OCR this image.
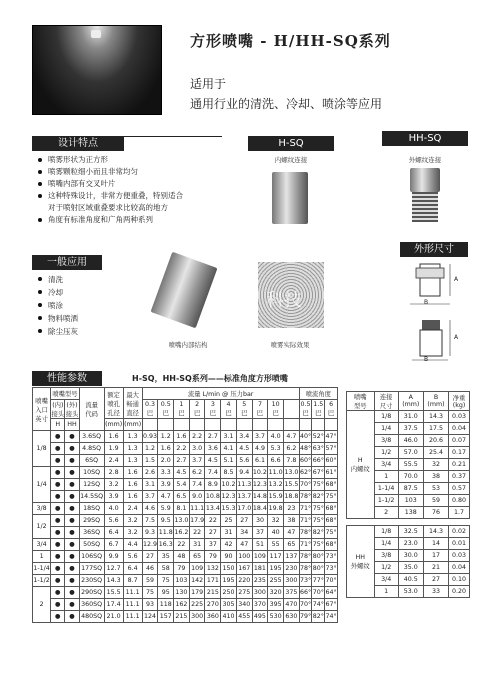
方形喷嘴 - H/HH-SQ系列
适用于
通用行业的清洗、冷却、喷涂等应用
设计特点
喷雾形状为正方形
喷雾颗粒细小而且非常均匀
喷嘴内部有交叉叶片
这种特殊设计，非常方便重叠，特别适合
对于喷射区域重叠要求比较高的地方
角度有标准角度和广角两种系列
H-SQ
内螺纹连接
HH-SQ
外螺纹连接
外形尺寸
A
B
A
B
一般应用
清洗
冷却
喷涂
物料喷洒
除尘压灰
喷嘴内部结构
科技
喷雾实际效果
性能参数	H-SQ，HH-SQ系列——标准角度方形喷嘴
喷嘴
入口
英寸	喷嘴型号		流量
代码	额定
喷孔
孔径	最大
畅通
直径	流量 L/min @ 压力bar										喷流角度		
	(内)
接头	(外)
接头																
						0.3
巴	0.5
巴	1
巴	2
巴	3
巴	4
巴	5
巴	7
巴	10
巴		0.5
巴	1.5
巴	6
巴
	H	HH		(mm)	(mm)													
1/8	●	●	3.6SQ	1.6	1.3	0.93	1.2	1.6	2.2	2.7	3.1	3.4	3.7	4.0	4.7	40°	52°	47°
	●	●	4.8SQ	1.9	1.3	1.2	1.6	2.2	3.0	3.6	4.1	4.5	4.9	5.3	6.2	48°	63°	57°
	●	●	6SQ	2.4	1.3	1.5	2.0	2.7	3.7	4.5	5.1	5.6	6.1	6.6	7.8	60°	66°	60°
1/4	●	●	10SQ	2.8	1.6	2.6	3.3	4.5	6.2	7.4	8.5	9.4	10.2	11.0	13.0	62°	67°	61°
	●	●	12SQ	3.2	1.6	3.1	3.9	5.4	7.4	8.9	10.2	11.3	12.3	13.2	15.5	70°	75°	68°
	●	●	14.5SQ	3.9	1.6	3.7	4.7	6.5	9.0	10.8	12.3	13.7	14.8	15.9	18.8	78°	82°	75°
3/8	●	●	18SQ	4.0	2.4	4.6	5.9	8.1	11.1	13.4	15.3	17.0	18.4	19.8	23	71°	75°	68°
1/2	●	●	29SQ	5.6	3.2	7.5	9.5	13.0	17.9	22	25	27	30	32	38	71°	75°	68°
	●	●	36SQ	6.4	3.2	9.3	11.8	16.2	22	27	31	34	37	40	47	78°	82°	75°
3/4	●	●	50SQ	6.7	4.4	12.9	16.3	22	31	37	42	47	51	55	65	71°	75°	68°
1	●	●	106SQ	9.9	5.6	27	35	48	65	79	90	100	109	117	137	78°	80°	73°
1-1/4	●	●	177SQ	12.7	6.4	46	58	79	109	132	150	167	181	195	230	78°	80°	73°
1-1/2	●	●	230SQ	14.3	8.7	59	75	103	142	171	195	220	235	255	300	73°	77°	70°
2	●	●	290SQ	15.5	11.1	75	95	130	179	215	250	275	300	320	375	66°	70°	64°
	●	●	360SQ	17.4	11.1	93	118	162	225	270	305	340	370	395	470	70°	74°	67°
	●	●	480SQ	21.0	11.1	124	157	215	300	360	410	455	495	530	630	79°	82°	74°
喷嘴
型号	连接
尺寸	A
(mm)	B
(mm)	净重
(kg)
H
内螺纹	1/8	31.0	14.3	0.03
	1/4	37.5	17.5	0.04
	3/8	46.0	20.6	0.07
	1/2	57.0	25.4	0.17
	3/4	55.5	32	0.21
	1	70.0	38	0.37
	1-1/4	87.5	53	0.57
	1-1/2	103	59	0.80
	2	138	76	1.7

HH
外螺纹	1/8	32.5	14.3	0.02
	1/4	23.0	14	0.01
	3/8	30.0	17	0.03
	1/2	35.0	21	0.04
	3/4	40.5	27	0.10
	1	53.0	33	0.20
